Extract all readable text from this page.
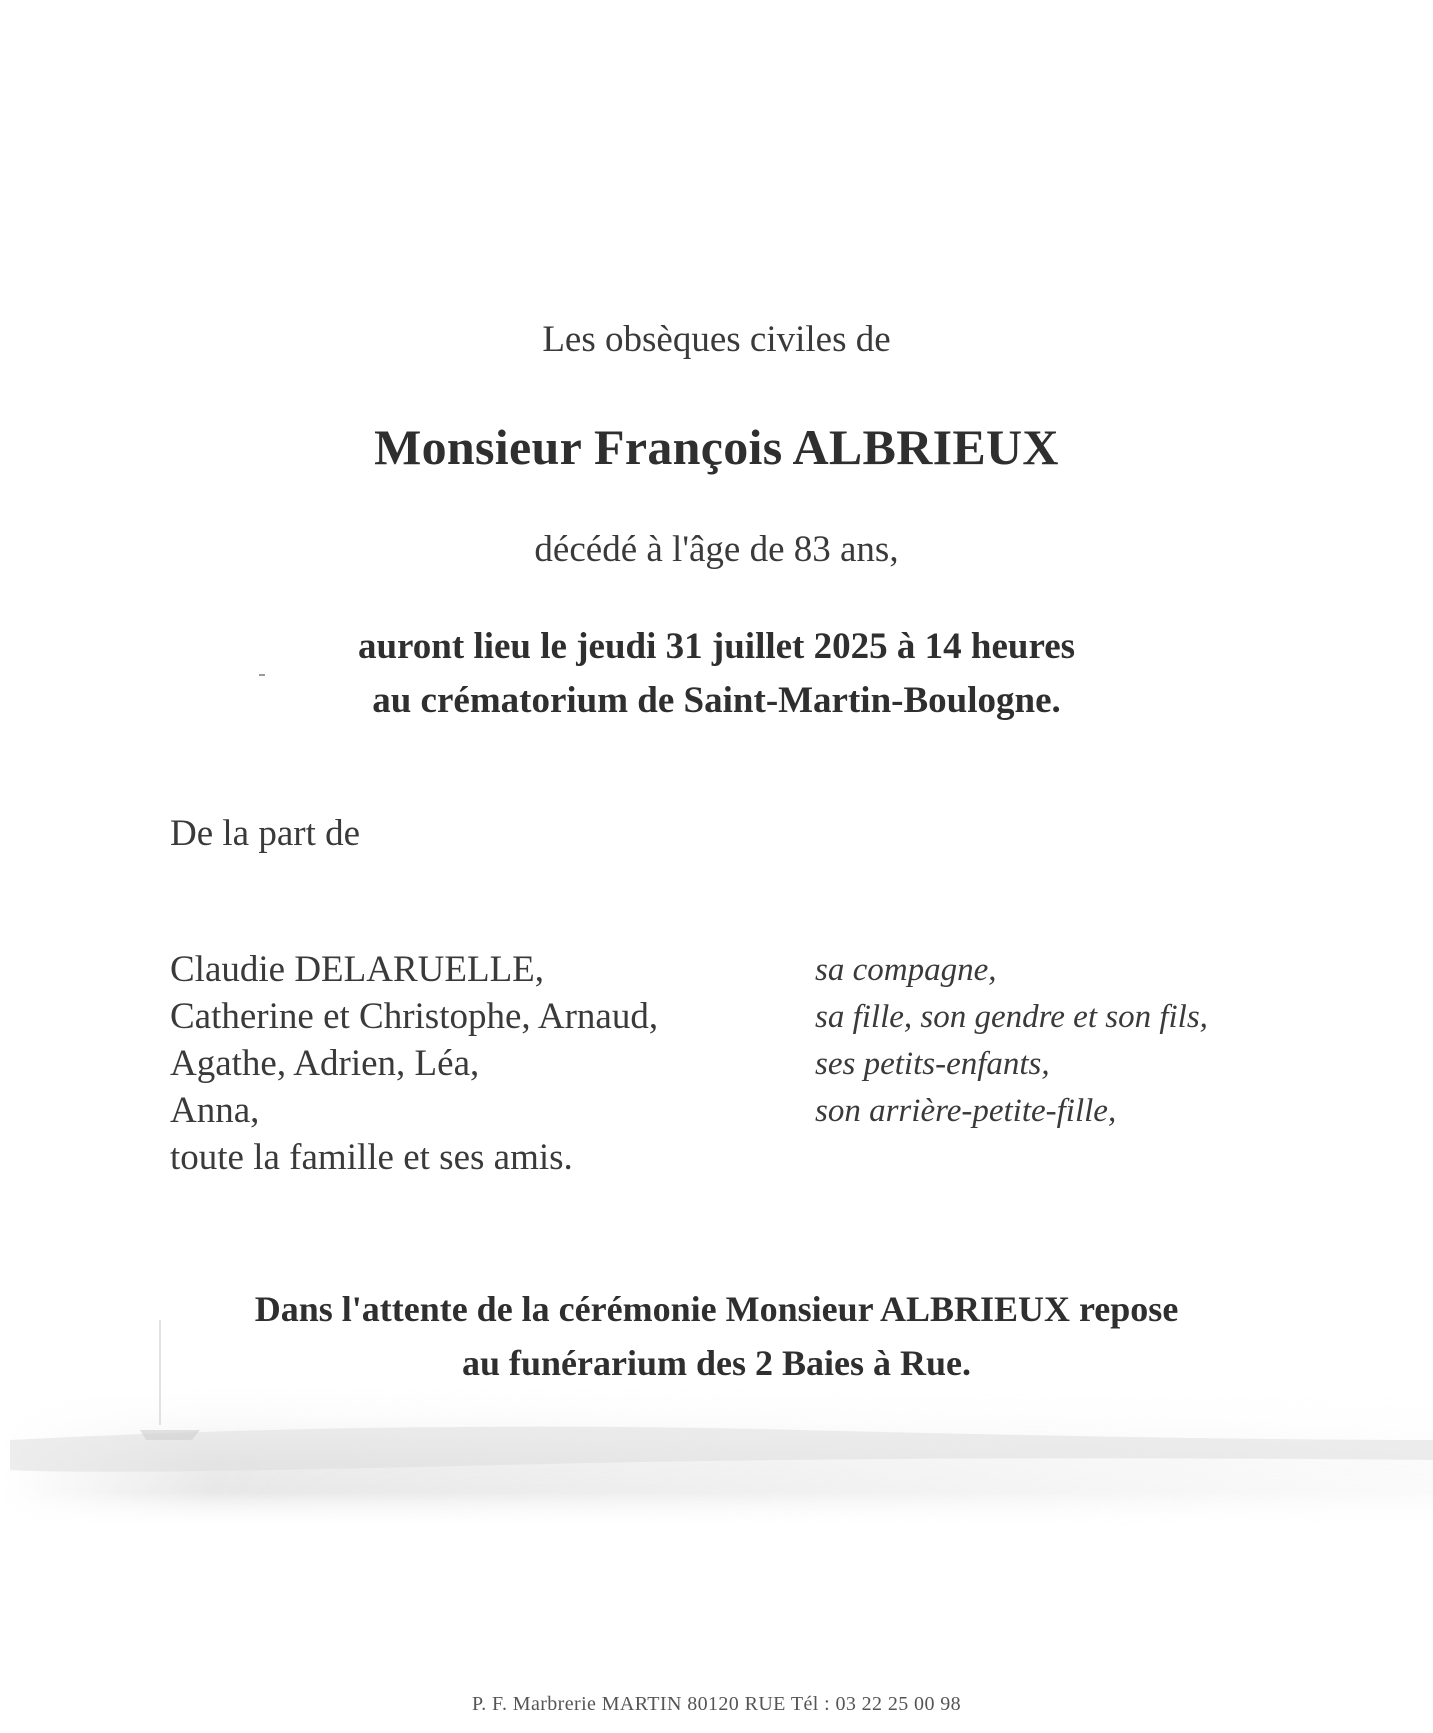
Les obsèques civiles de
Monsieur François ALBRIEUX
décédé à l'âge de 83 ans,
auront lieu le jeudi 31 juillet 2025 à 14 heures
au crématorium de Saint-Martin-Boulogne.
De la part de
Claudie DELARUELLE,	sa compagne,
Catherine et Christophe, Arnaud,	sa fille, son gendre et son fils,
Agathe, Adrien, Léa,	ses petits-enfants,
Anna,	son arrière-petite-fille,
toute la famille et ses amis.
Dans l'attente de la cérémonie Monsieur ALBRIEUX repose
au funérarium des 2 Baies à Rue.
P. F. Marbrerie MARTIN 80120 RUE Tél : 03 22 25 00 98
